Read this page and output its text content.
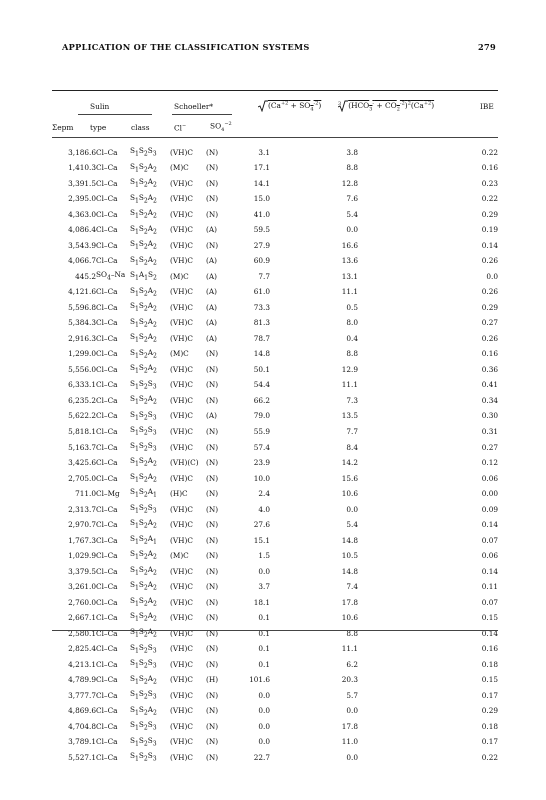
APPLICATION OF THE CLASSIFICATION SYSTEMS	279
Sulin	Schoeller*	$(Ca^{+2} + SO_4^{-2})$	$^3$ $(HCO_3^- + CO_2^{-2})^2(Ca^{+2})$	IBE
Σepm type	class	Cl−	$SO_4^{-2}$
3,186.6	Cl–Ca	$S_1S_2S_3$	(VH)C	(N)	3.1	3.8	0.22
1,410.3	Cl–Ca	$S_1S_2A_2$	(M)C	(N)	17.1	8.8	0.16
3,391.5	Cl–Ca	$S_1S_2A_2$	(VH)C	(N)	14.1	12.8	0.23
2,395.0	Cl–Ca	$S_1S_2A_2$	(VH)C	(N)	15.0	7.6	0.22
4,363.0	Cl–Ca	$S_1S_2A_2$	(VH)C	(N)	41.0	5.4	0.29
4,086.4	Cl–Ca	$S_1S_2A_2$	(VH)C	(A)	59.5	0.0	0.19
3,543.9	Cl–Ca	$S_1S_2A_2$	(VH)C	(N)	27.9	16.6	0.14
4,066.7	Cl–Ca	$S_1S_2A_2$	(VH)C	(A)	60.9	13.6	0.26
445.2	$SO_4-Na$	$S_1A_1S_2$	(M)C	(A)	7.7	13.1	0.0
4,121.6	Cl–Ca	$S_1S_2A_2$	(VH)C	(A)	61.0	11.1	0.26
5,596.8	Cl–Ca	$S_1S_2A_2$	(VH)C	(A)	73.3	0.5	0.29
5,384.3	Cl–Ca	$S_1S_2A_2$	(VH)C	(A)	81.3	8.0	0.27
2,916.3	Cl–Ca	$S_1S_2A_2$	(VH)C	(A)	78.7	0.4	0.26
1,299.0	Cl–Ca	$S_1S_2A_2$	(M)C	(N)	14.8	8.8	0.16
5,556.0	Cl–Ca	$S_1S_2A_2$	(VH)C	(N)	50.1	12.9	0.36
6,333.1	Cl–Ca	$S_1S_2S_3$	(VH)C	(N)	54.4	11.1	0.41
6,235.2	Cl–Ca	$S_1S_2A_2$	(VH)C	(N)	66.2	7.3	0.34
5,622.2	Cl–Ca	$S_1S_2S_3$	(VH)C	(A)	79.0	13.5	0.30
5,818.1	Cl–Ca	$S_1S_2S_3$	(VH)C	(N)	55.9	7.7	0.31
5,163.7	Cl–Ca	$S_1S_2S_3$	(VH)C	(N)	57.4	8.4	0.27
3,425.6	Cl–Ca	$S_1S_2A_2$	(VH)(C)	(N)	23.9	14.2	0.12
2,705.0	Cl–Ca	$S_1S_2A_2$	(VH)C	(N)	10.0	15.6	0.06
711.0	Cl–Mg	$S_1S_2A_1$	(H)C	(N)	2.4	10.6	0.00
2,313.7	Cl–Ca	$S_1S_2S_3$	(VH)C	(N)	4.0	0.0	0.09
2,970.7	Cl–Ca	$S_1S_2A_2$	(VH)C	(N)	27.6	5.4	0.14
1,767.3	Cl–Ca	$S_1S_2A_1$	(VH)C	(N)	15.1	14.8	0.07
1,029.9	Cl–Ca	$S_1S_2A_2$	(M)C	(N)	1.5	10.5	0.06
3,379.5	Cl–Ca	$S_1S_2A_2$	(VH)C	(N)	0.0	14.8	0.14
3,261.0	Cl–Ca	$S_1S_2A_2$	(VH)C	(N)	3.7	7.4	0.11
2,760.0	Cl–Ca	$S_1S_2A_2$	(VH)C	(N)	18.1	17.8	0.07
2,667.1	Cl–Ca	$S_1S_2A_2$	(VH)C	(N)	0.1	10.6	0.15
2,580.1	Cl–Ca	$S_1S_2A_2$	(VH)C	(N)	0.1	8.8	0.14
2,825.4	Cl–Ca	$S_1S_2S_3$	(VH)C	(N)	0.1	11.1	0.16
4,213.1	Cl–Ca	$S_1S_2S_3$	(VH)C	(N)	0.1	6.2	0.18
4,789.9	Cl–Ca	$S_1S_2A_2$	(VH)C	(H)	101.6	20.3	0.15
3,777.7	Cl–Ca	$S_1S_2S_3$	(VH)C	(N)	0.0	5.7	0.17
4,869.6	Cl–Ca	$S_1S_2A_2$	(VH)C	(N)	0.0	0.0	0.29
4,704.8	Cl–Ca	$S_1S_2S_3$	(VH)C	(N)	0.0	17.8	0.18
3,789.1	Cl–Ca	$S_1S_2S_3$	(VH)C	(N)	0.0	11.0	0.17
5,527.1	Cl–Ca	$S_1S_2S_3$	(VH)C	(N)	22.7	0.0	0.22
